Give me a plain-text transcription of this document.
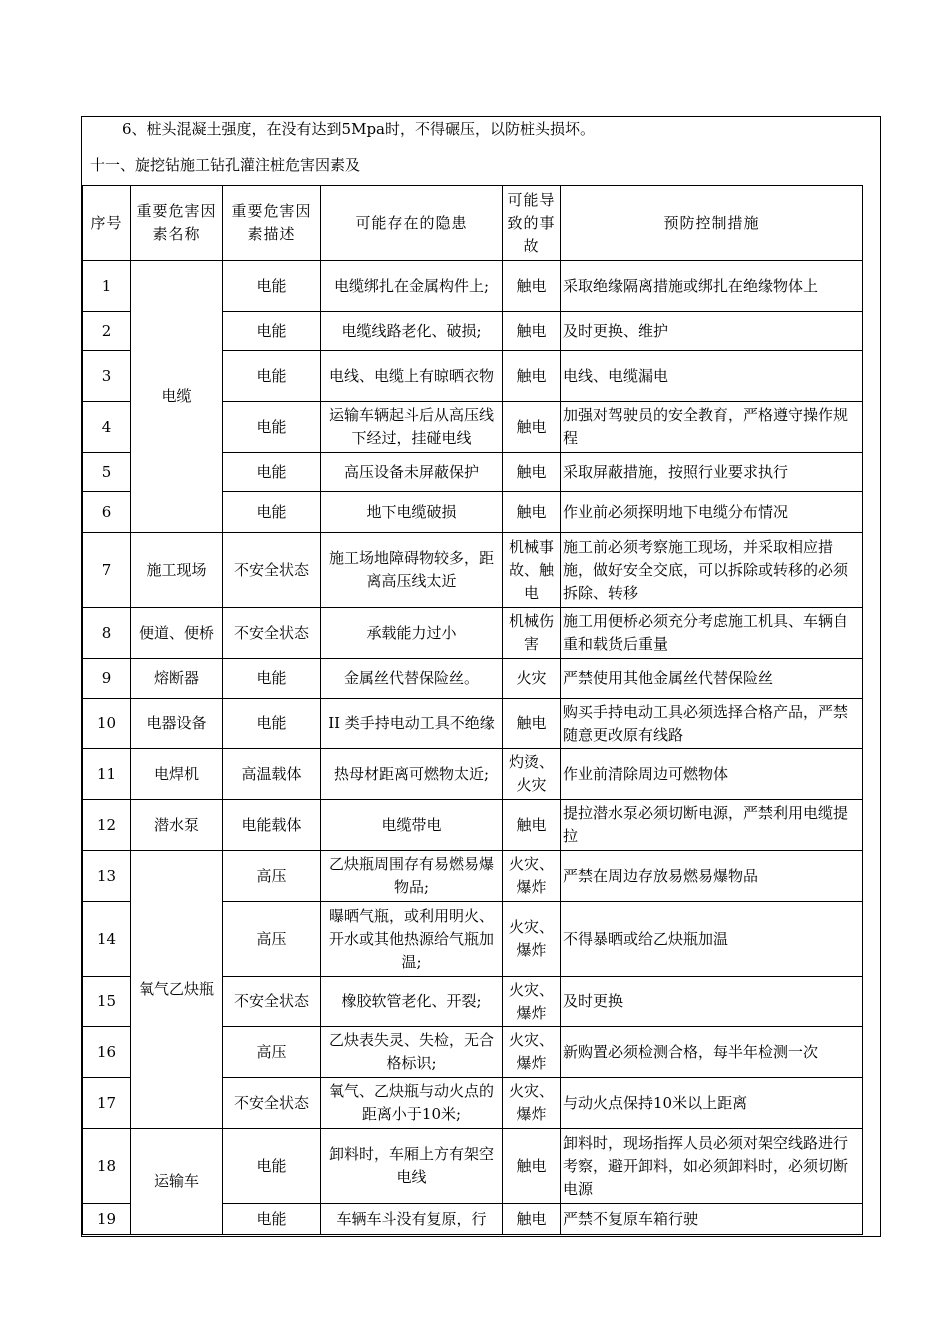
6、桩头混凝土强度，在没有达到5Mpa时，不得碾压，以防桩头损坏。
十一、旋挖钻施工钻孔灌注桩危害因素及
序号	重要危害因素名称	重要危害因素描述	可能存在的隐患	可能导致的事故	预防控制措施
1	电缆	电能	电缆绑扎在金属构件上;	触电	采取绝缘隔离措施或绑扎在绝缘物体上
2		电能	电缆线路老化、破损;	触电	及时更换、维护
3		电能	电线、电缆上有晾晒衣物	触电	电线、电缆漏电
4		电能	运输车辆起斗后从高压线下经过，挂碰电线	触电	加强对驾驶员的安全教育，严格遵守操作规程
5		电能	高压设备未屏蔽保护	触电	采取屏蔽措施，按照行业要求执行
6		电能	地下电缆破损	触电	作业前必须探明地下电缆分布情况
7	施工现场	不安全状态	施工场地障碍物较多，距离高压线太近	机械事故、触电	施工前必须考察施工现场，并采取相应措施，做好安全交底，可以拆除或转移的必须拆除、转移
8	便道、便桥	不安全状态	承载能力过小	机械伤害	施工用便桥必须充分考虑施工机具、车辆自重和载货后重量
9	熔断器	电能	金属丝代替保险丝。	火灾	严禁使用其他金属丝代替保险丝
10	电器设备	电能	II 类手持电动工具不绝缘	触电	购买手持电动工具必须选择合格产品，严禁随意更改原有线路
11	电焊机	高温载体	热母材距离可燃物太近;	灼烫、火灾	作业前清除周边可燃物体
12	潜水泵	电能载体	电缆带电	触电	提拉潜水泵必须切断电源，严禁利用电缆提拉
13	氧气乙炔瓶	高压	乙炔瓶周围存有易燃易爆物品;	火灾、爆炸	严禁在周边存放易燃易爆物品
14		高压	曝晒气瓶，或利用明火、开水或其他热源给气瓶加温;	火灾、爆炸	不得暴晒或给乙炔瓶加温
15		不安全状态	橡胶软管老化、开裂;	火灾、爆炸	及时更换
16		高压	乙炔表失灵、失检，无合格标识;	火灾、爆炸	新购置必须检测合格，每半年检测一次
17		不安全状态	氧气、乙炔瓶与动火点的距离小于10米;	火灾、爆炸	与动火点保持10米以上距离
18	运输车	电能	卸料时，车厢上方有架空电线	触电	卸料时，现场指挥人员必须对架空线路进行考察，避开卸料，如必须卸料时，必须切断电源
19		电能	车辆车斗没有复原，行	触电	严禁不复原车箱行驶
